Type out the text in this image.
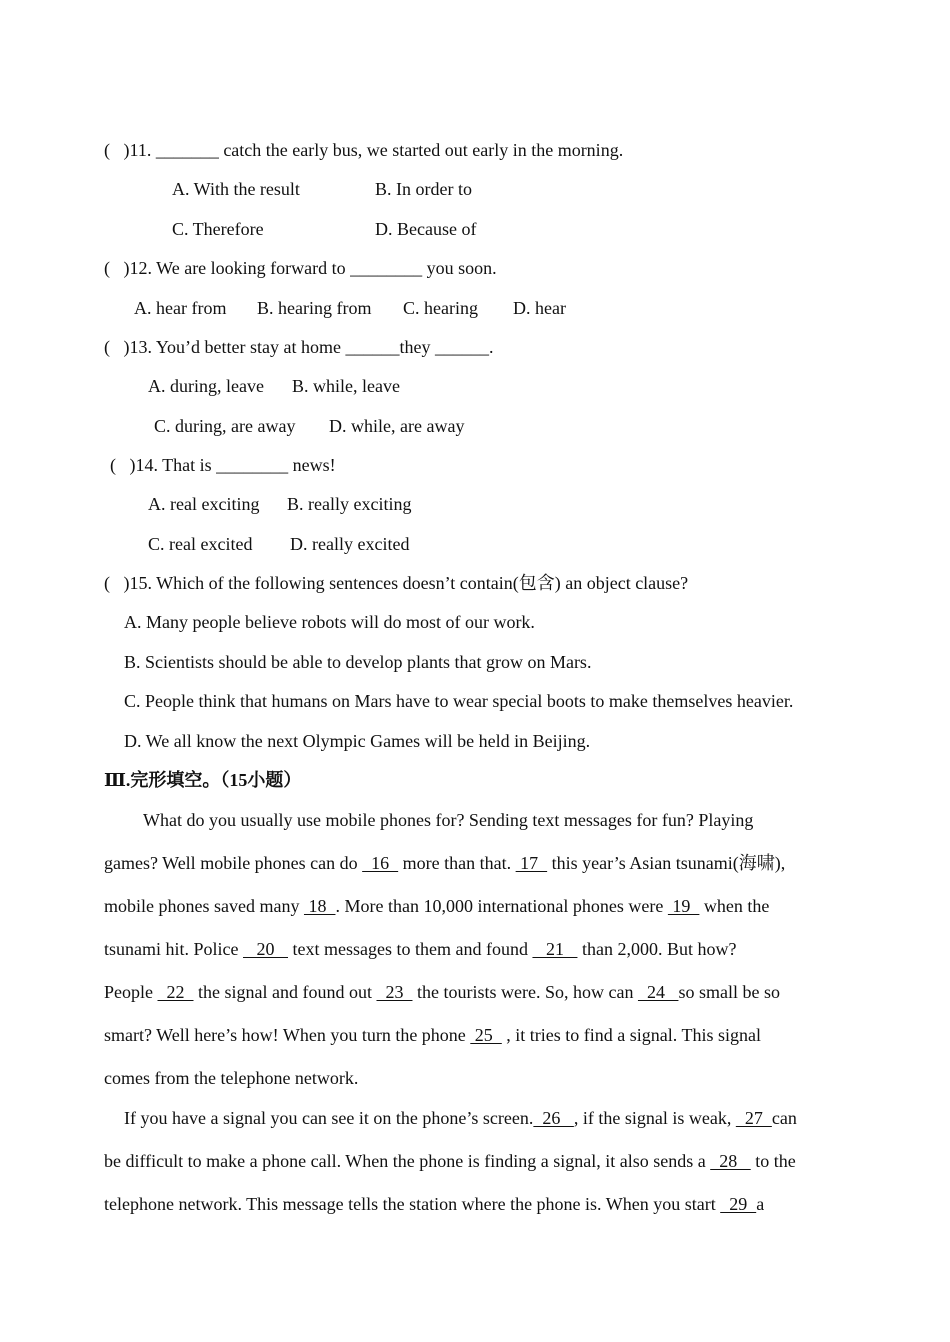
(   )11. _______ catch the early bus, we started out early in the morning.
A. With the result	B. In order to
C. Therefore	D. Because of
(   )12. We are looking forward to ________ you soon.
A. hear from B. hearing from C. hearing D. hear
(   )13. You’d better stay at home ______they ______.
A. during, leave B. while, leave
C. during, are away D. while, are away
(   )14. That is ________ news!
A. real exciting B. really exciting
C. real excited D. really excited
(   )15. Which of the following sentences doesn’t contain(包含) an object clause?
A. Many people believe robots will do most of our work.
B. Scientists should be able to develop plants that grow on Mars.
C. People think that humans on Mars have to wear special boots to make themselves heavier.
D. We all know the next Olympic Games will be held in Beijing.
Ⅲ.完形填空。（15小题）
What do you usually use mobile phones for? Sending text messages for fun? Playing
games? Well mobile phones can do   16   more than that.  17   this year’s Asian tsunami(海啸),
mobile phones saved many  18  . More than 10,000 international phones were  19   when the
tsunami hit. Police    20    text messages to them and found    21    than 2,000. But how?
People   22   the signal and found out   23   the tourists were. So, how can   24   so small be so
smart? Well here’s how! When you turn the phone  25   , it tries to find a signal. This signal
comes from the telephone network.
If you have a signal you can see it on the phone’s screen.  26   , if the signal is weak,   27  can
be difficult to make a phone call. When the phone is finding a signal, it also sends a   28    to the
telephone network. This message tells the station where the phone is. When you start   29  a
